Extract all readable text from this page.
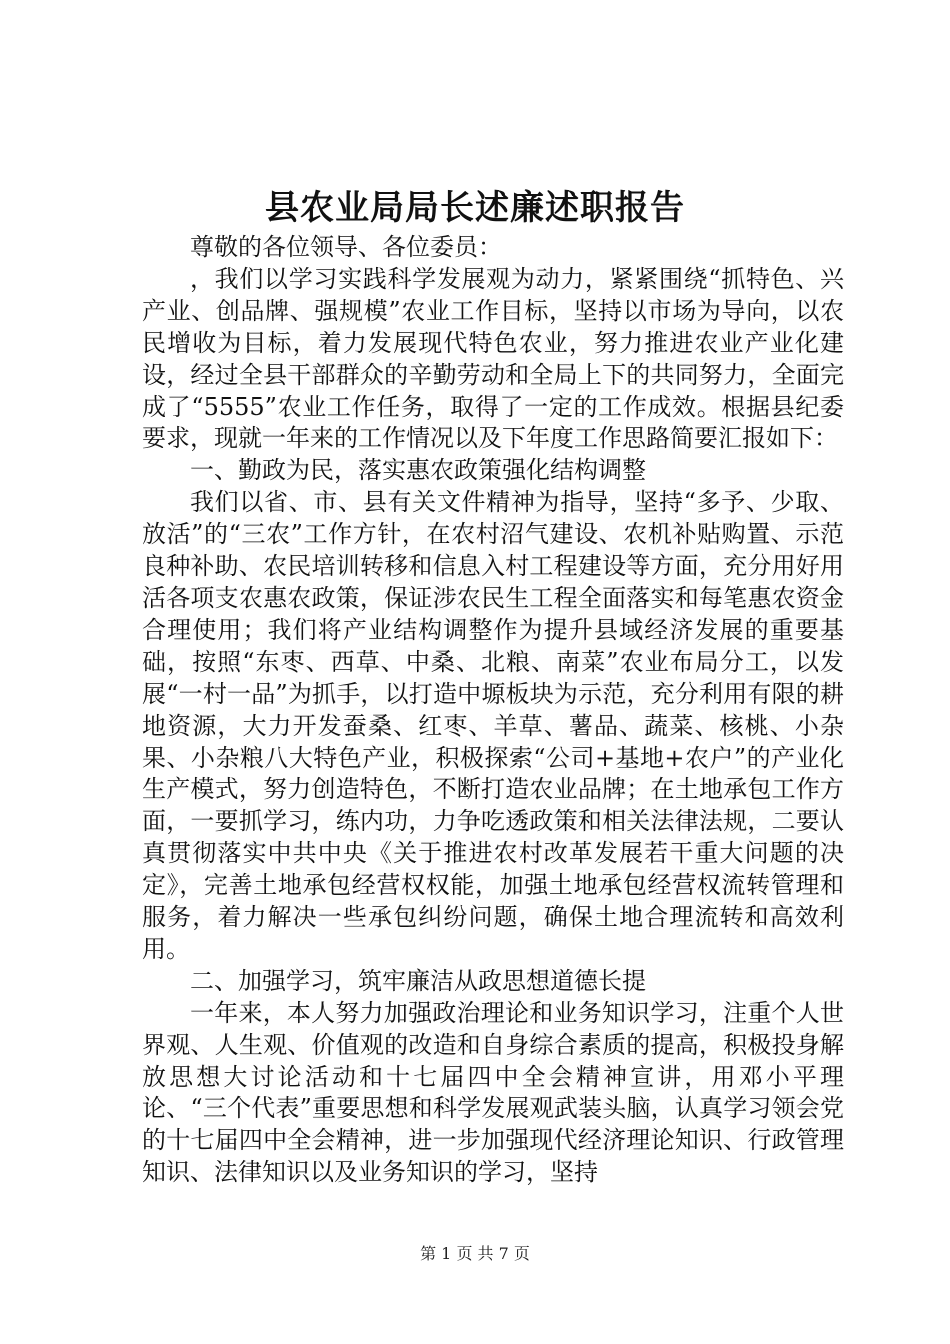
县农业局局长述廉述职报告

尊敬的各位领导、各位委员：

，我们以学习实践科学发展观为动力，紧紧围绕“抓特色、兴产业、创品牌、强规模”农业工作目标，坚持以市场为导向，以农民增收为目标，着力发展现代特色农业，努力推进农业产业化建设，经过全县干部群众的辛勤劳动和全局上下的共同努力，全面完成了“5555”农业工作任务，取得了一定的工作成效。根据县纪委要求，现就一年来的工作情况以及下年度工作思路简要汇报如下：

一、勤政为民，落实惠农政策强化结构调整

我们以省、市、县有关文件精神为指导，坚持“多予、少取、放活”的“三农”工作方针，在农村沼气建设、农机补贴购置、示范良种补助、农民培训转移和信息入村工程建设等方面，充分用好用活各项支农惠农政策，保证涉农民生工程全面落实和每笔惠农资金合理使用；我们将产业结构调整作为提升县域经济发展的重要基础，按照“东枣、西草、中桑、北粮、南菜”农业布局分工，以发展“一村一品”为抓手，以打造中塬板块为示范，充分利用有限的耕地资源，大力开发蚕桑、红枣、羊草、薯品、蔬菜、核桃、小杂果、小杂粮八大特色产业，积极探索“公司+基地+农户”的产业化生产模式，努力创造特色，不断打造农业品牌；在土地承包工作方面，一要抓学习，练内功，力争吃透政策和相关法律法规，二要认真贯彻落实中共中央《关于推进农村改革发展若干重大问题的决定》，完善土地承包经营权权能，加强土地承包经营权流转管理和服务，着力解决一些承包纠纷问题，确保土地合理流转和高效利用。

二、加强学习，筑牢廉洁从政思想道德长提

一年来，本人努力加强政治理论和业务知识学习，注重个人世界观、人生观、价值观的改造和自身综合素质的提高，积极投身解放思想大讨论活动和十七届四中全会精神宣讲，用邓小平理论、“三个代表”重要思想和科学发展观武装头脑，认真学习领会党的十七届四中全会精神，进一步加强现代经济理论知识、行政管理知识、法律知识以及业务知识的学习，坚持

第 1 页 共 7 页
